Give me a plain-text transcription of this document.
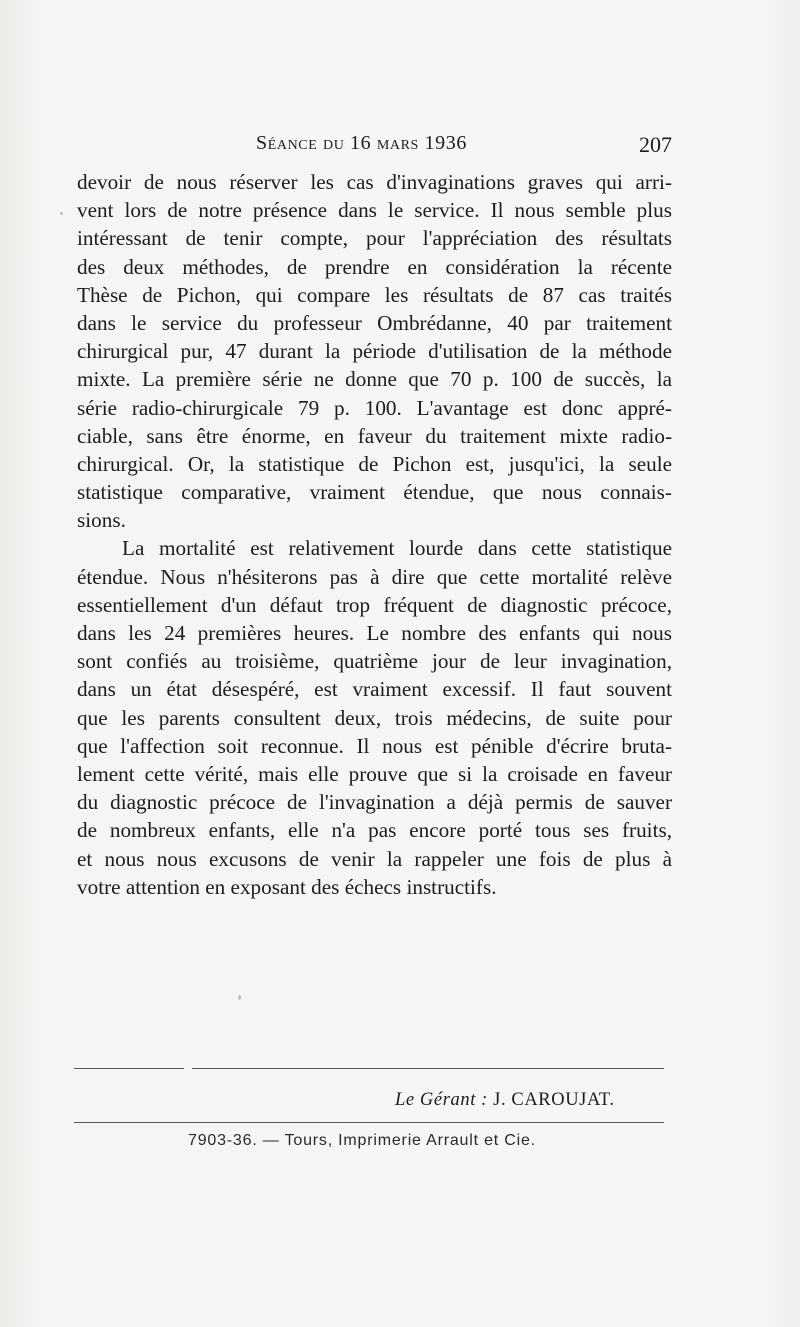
Séance du 16 mars 1936	207
devoir de nous réserver les cas d'invaginations graves qui arri-
vent lors de notre présence dans le service. Il nous semble plus
intéressant de tenir compte, pour l'appréciation des résultats
des deux méthodes, de prendre en considération la récente
Thèse de Pichon, qui compare les résultats de 87 cas traités
dans le service du professeur Ombrédanne, 40 par traitement
chirurgical pur, 47 durant la période d'utilisation de la méthode
mixte. La première série ne donne que 70 p. 100 de succès, la
série radio-chirurgicale 79 p. 100. L'avantage est donc appré-
ciable, sans être énorme, en faveur du traitement mixte radio-
chirurgical. Or, la statistique de Pichon est, jusqu'ici, la seule
statistique comparative, vraiment étendue, que nous connais-
sions.
La mortalité est relativement lourde dans cette statistique
étendue. Nous n'hésiterons pas à dire que cette mortalité relève
essentiellement d'un défaut trop fréquent de diagnostic précoce,
dans les 24 premières heures. Le nombre des enfants qui nous
sont confiés au troisième, quatrième jour de leur invagination,
dans un état désespéré, est vraiment excessif. Il faut souvent
que les parents consultent deux, trois médecins, de suite pour
que l'affection soit reconnue. Il nous est pénible d'écrire bruta-
lement cette vérité, mais elle prouve que si la croisade en faveur
du diagnostic précoce de l'invagination a déjà permis de sauver
de nombreux enfants, elle n'a pas encore porté tous ses fruits,
et nous nous excusons de venir la rappeler une fois de plus à
votre attention en exposant des échecs instructifs.
Le Gérant : J. CAROUJAT.
7903-36. — Tours, Imprimerie Arrault et Cie.
